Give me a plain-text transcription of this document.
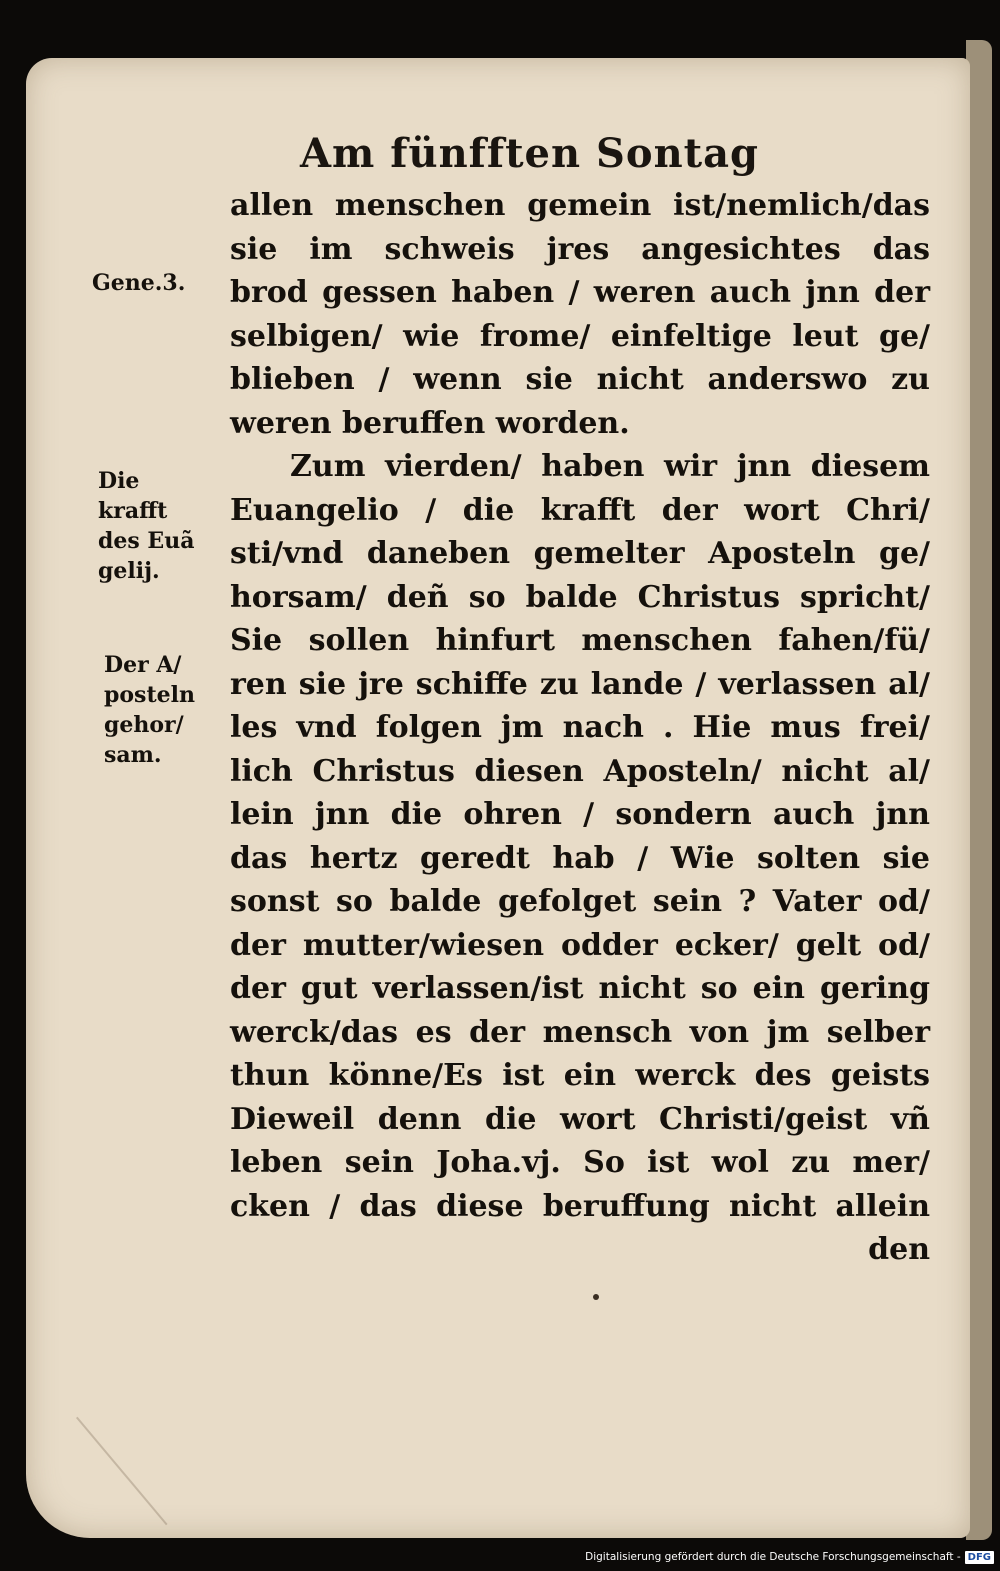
Am fünfften Sontag
Gene.3.
Die
krafft
des Euã
gelij.
Der A/
posteln
gehor/
sam.
allen menschen gemein ist/nemlich/das
sie im schweis jres angesichtes das
brod gessen haben / weren auch jnn der
selbigen/ wie frome/ einfeltige leut ge/
blieben / wenn sie nicht anderswo zu
weren beruffen worden.
Zum vierden/ haben wir jnn diesem
Euangelio / die krafft der wort Chri/
sti/vnd daneben gemelter Aposteln ge/
horsam/ deñ so balde Christus spricht/
Sie sollen hinfurt menschen fahen/fü/
ren sie jre schiffe zu lande / verlassen al/
les vnd folgen jm nach . Hie mus frei/
lich Christus diesen Aposteln/ nicht al/
lein jnn die ohren / sondern auch jnn
das hertz geredt hab / Wie solten sie
sonst so balde gefolget sein ? Vater od/
der mutter/wiesen odder ecker/ gelt od/
der gut verlassen/ist nicht so ein gering
werck/das es der mensch von jm selber
thun könne/Es ist ein werck des geists
Dieweil denn die wort Christi/geist vñ
leben sein Joha.vj. So ist wol zu mer/
cken / das diese beruffung nicht allein
den
Digitalisierung gefördert durch die Deutsche Forschungsgemeinschaft - DFG
